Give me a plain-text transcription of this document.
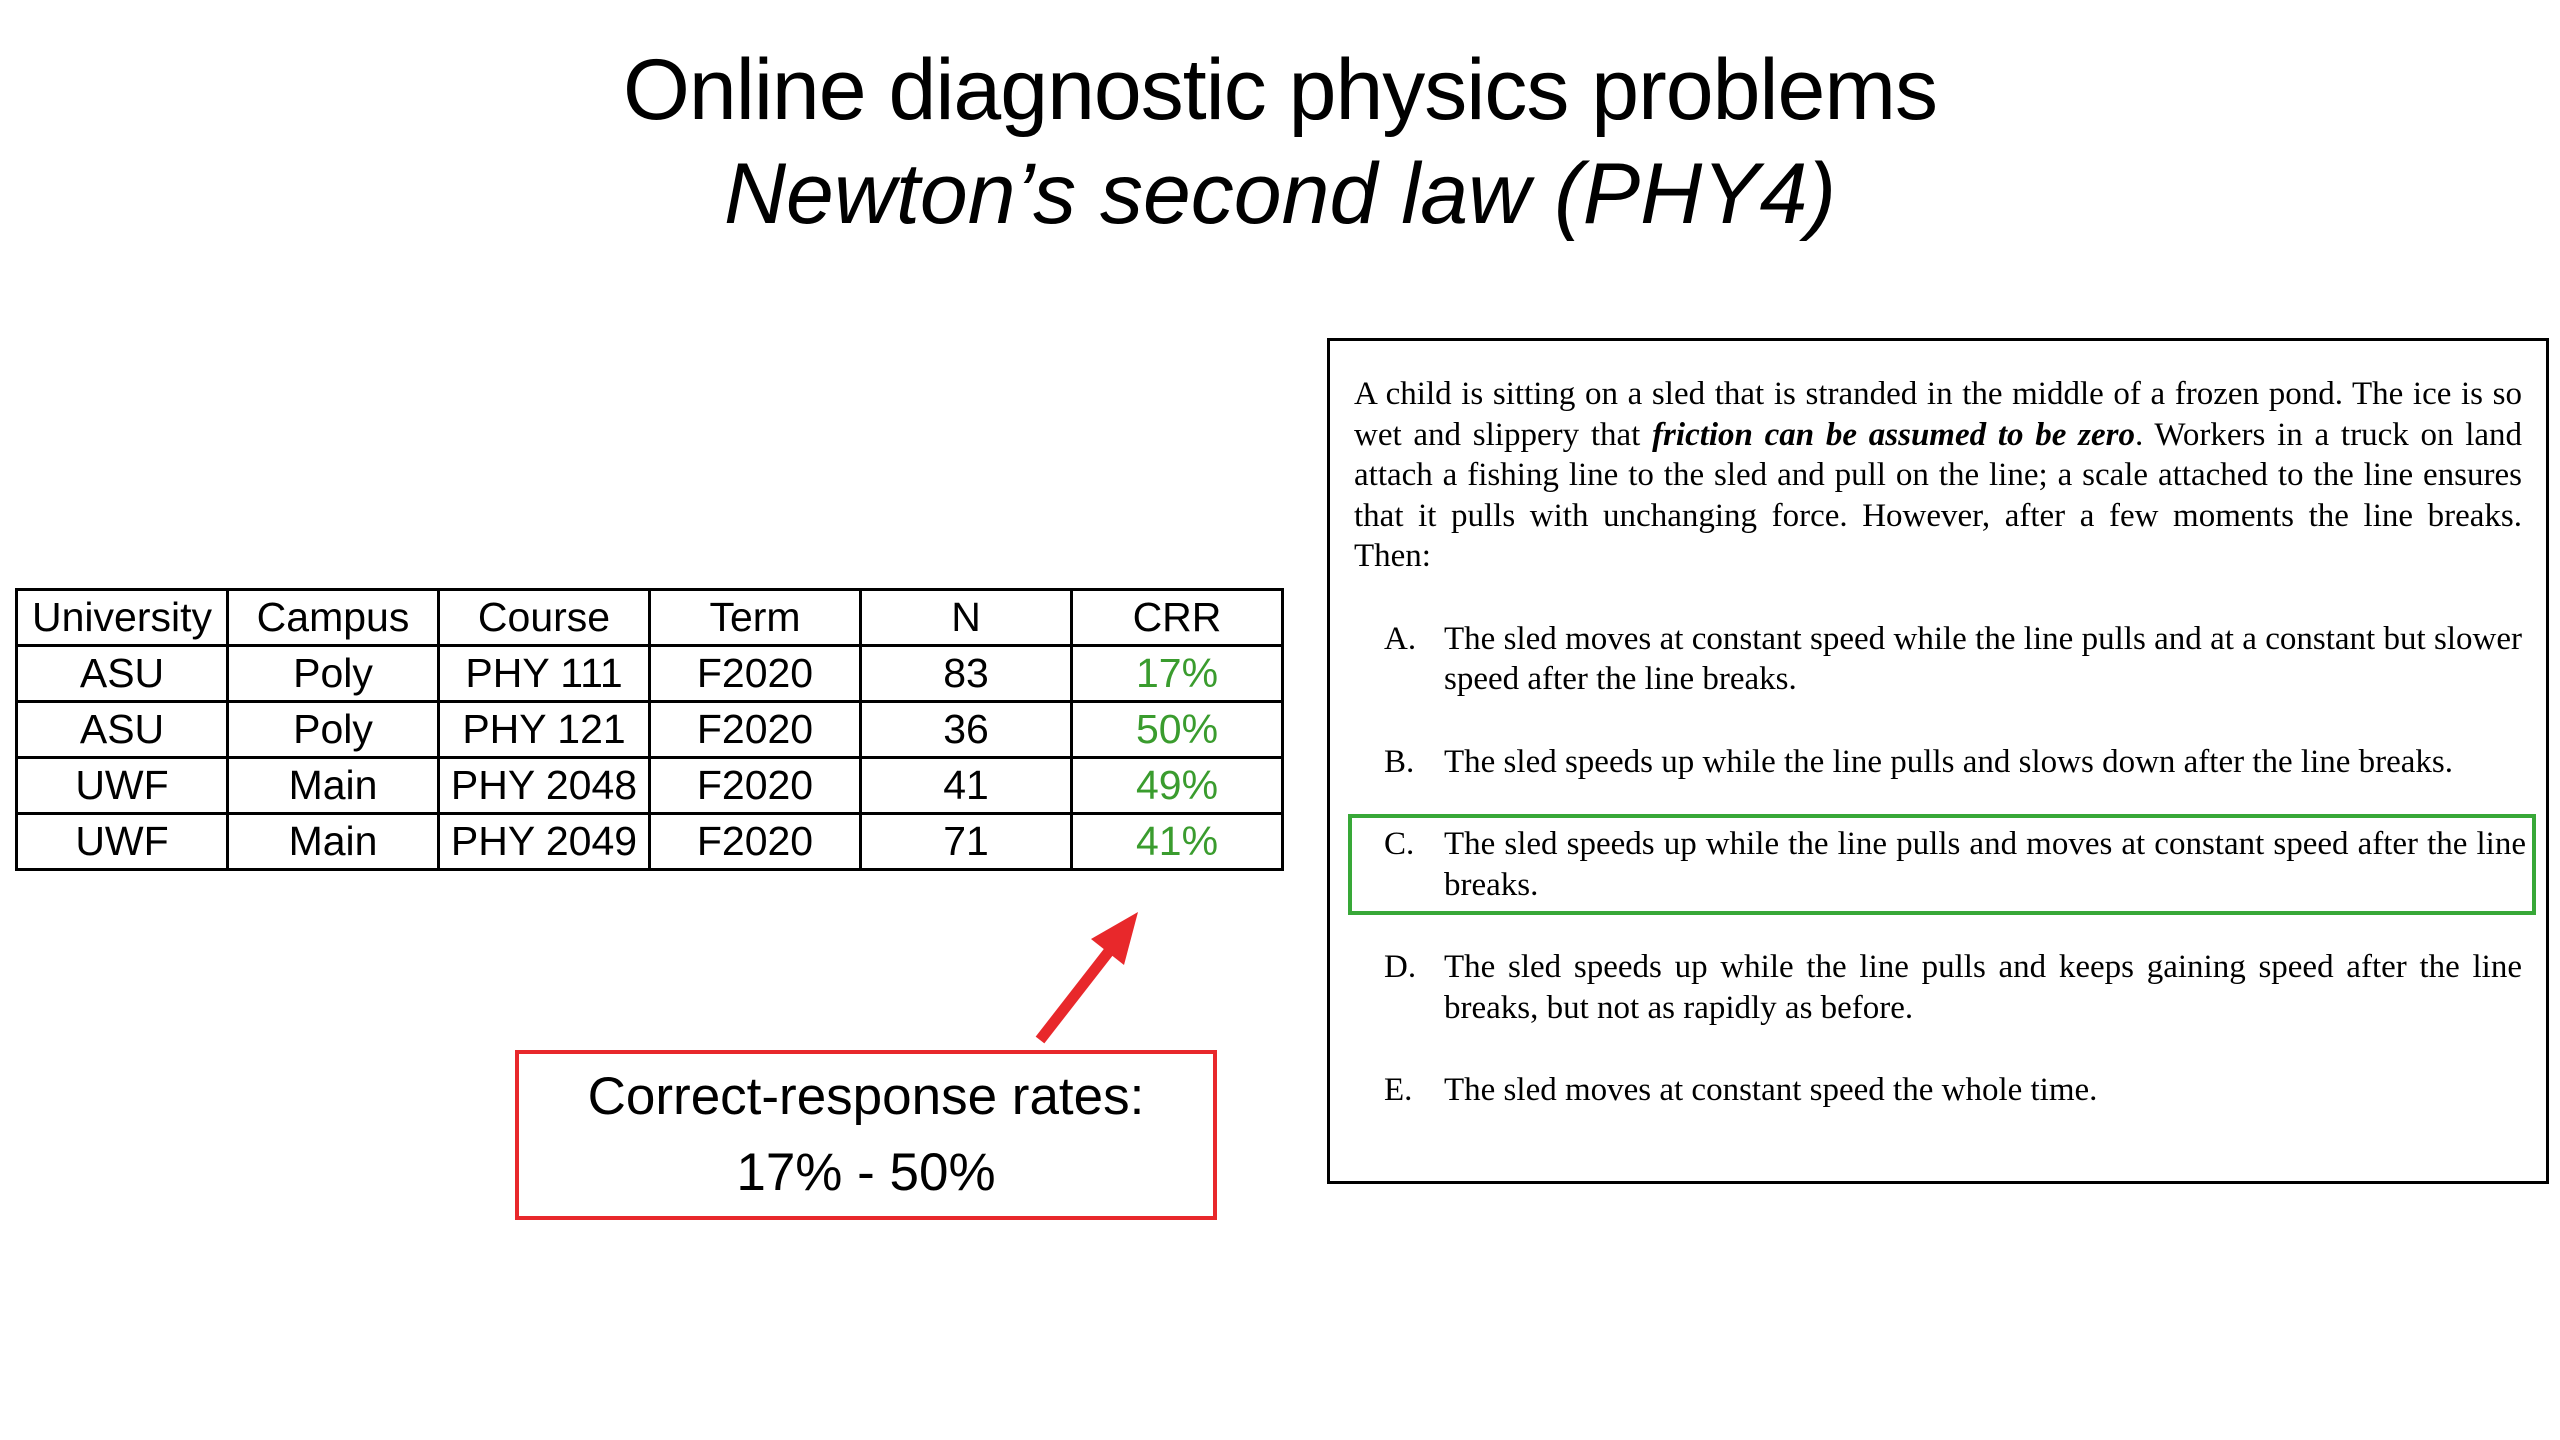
Online diagnostic physics problems
Newton’s second law (PHY4)
University	Campus	Course	Term	N	CRR
ASU	Poly	PHY 111	F2020	83	17%
ASU	Poly	PHY 121	F2020	36	50%
UWF	Main	PHY 2048	F2020	41	49%
UWF	Main	PHY 2049	F2020	71	41%
Correct-response rates:
17% - 50%
A child is sitting on a sled that is stranded in the middle of a frozen pond. The ice is so wet and slippery that friction can be assumed to be zero. Workers in a truck on land attach a fishing line to the sled and pull on the line; a scale attached to the line ensures that it pulls with unchanging force. However, after a few moments the line breaks. Then:
A. The sled moves at constant speed while the line pulls and at a constant but slower speed after the line breaks.
B. The sled speeds up while the line pulls and slows down after the line breaks.
C. The sled speeds up while the line pulls and moves at constant speed after the line breaks.
D. The sled speeds up while the line pulls and keeps gaining speed after the line breaks, but not as rapidly as before.
E. The sled moves at constant speed the whole time.
